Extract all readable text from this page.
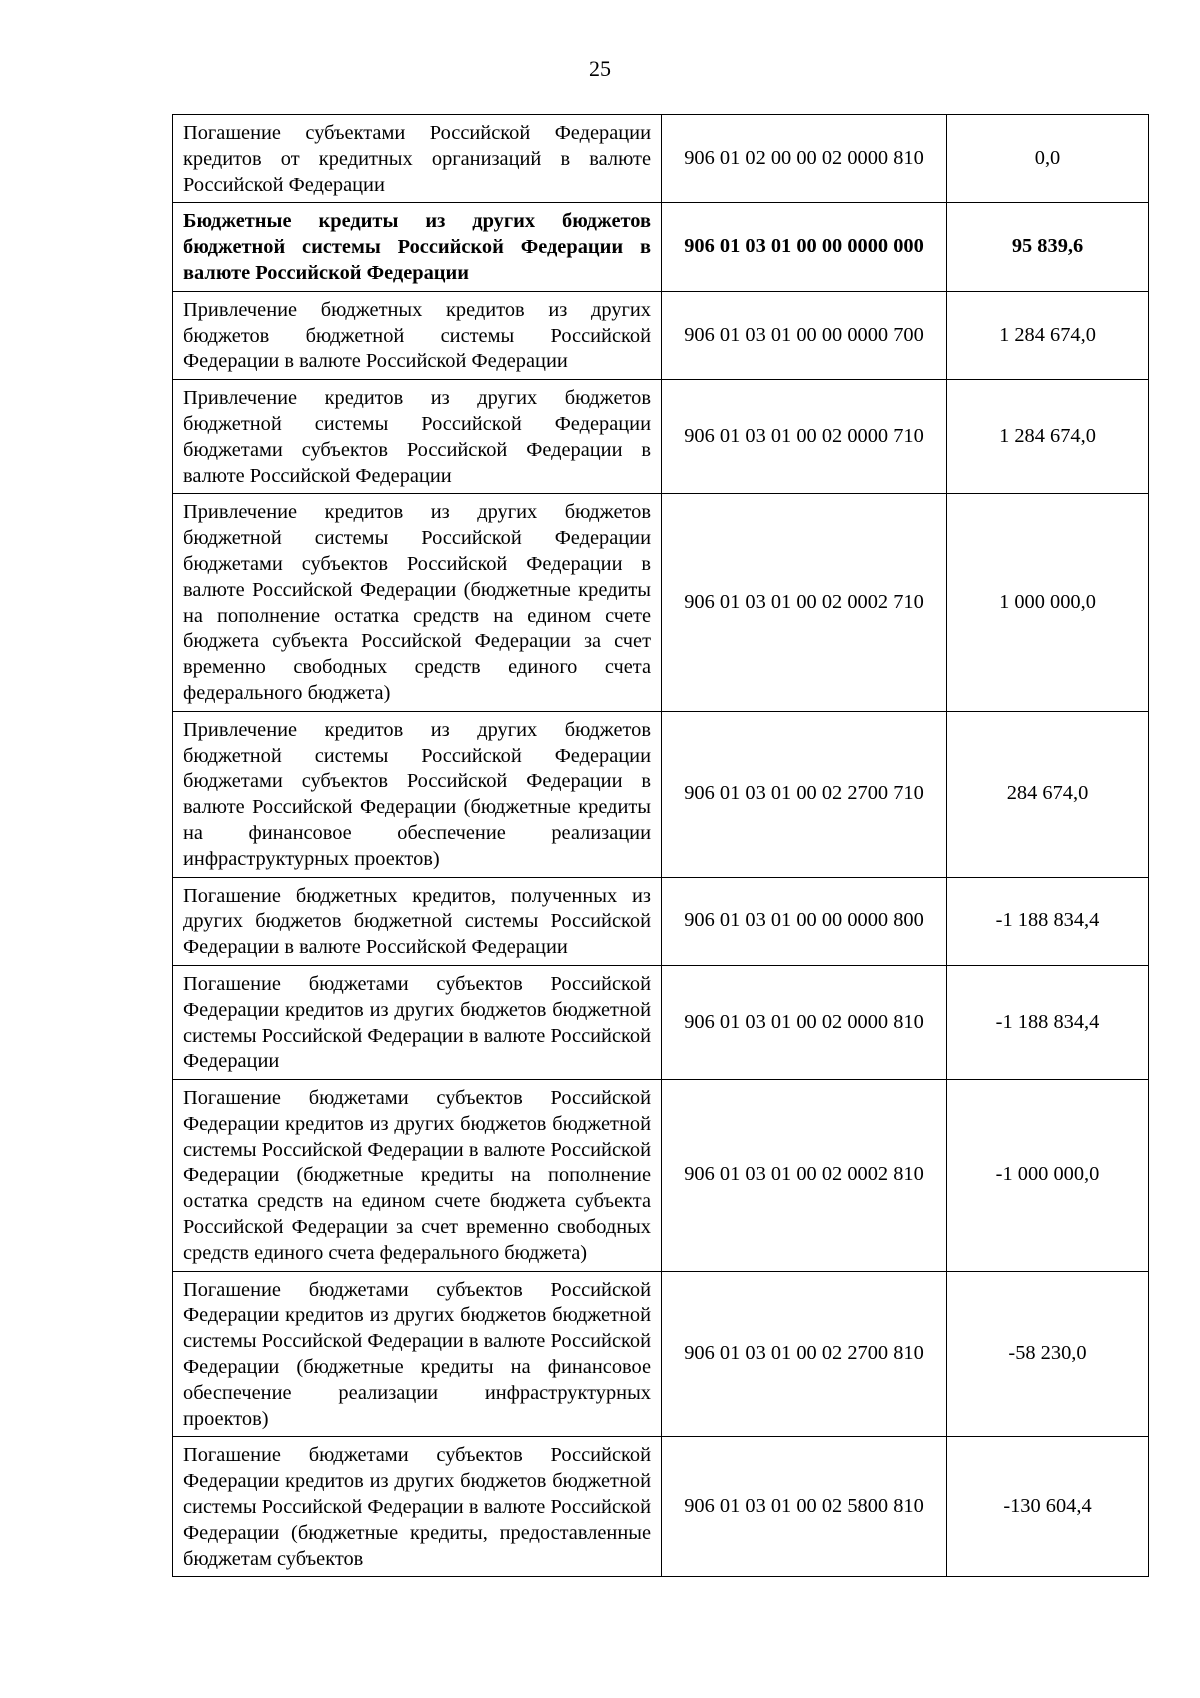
25
Погашение субъектами Российской Федерации кредитов от кредитных организаций в валюте Российской Федерации	906 01 02 00 00 02 0000 810	0,0
Бюджетные кредиты из других бюджетов бюджетной системы Российской Федерации в валюте Российской Федерации	906 01 03 01 00 00 0000 000	95 839,6
Привлечение бюджетных кредитов из других бюджетов бюджетной системы Российской Федерации в валюте Российской Федерации	906 01 03 01 00 00 0000 700	1 284 674,0
Привлечение кредитов из других бюджетов бюджетной системы Российской Федерации бюджетами субъектов Российской Федерации в валюте Российской Федерации	906 01 03 01 00 02 0000 710	1 284 674,0
Привлечение кредитов из других бюджетов бюджетной системы Российской Федерации бюджетами субъектов Российской Федерации в валюте Российской Федерации (бюджетные кредиты на пополнение остатка средств на едином счете бюджета субъекта Российской Федерации за счет временно свободных средств единого счета федерального бюджета)	906 01 03 01 00 02 0002 710	1 000 000,0
Привлечение кредитов из других бюджетов бюджетной системы Российской Федерации бюджетами субъектов Российской Федерации в валюте Российской Федерации (бюджетные кредиты на финансовое обеспечение реализации инфраструктурных проектов)	906 01 03 01 00 02 2700 710	284 674,0
Погашение бюджетных кредитов, полученных из других бюджетов бюджетной системы Российской Федерации в валюте Российской Федерации	906 01 03 01 00 00 0000 800	-1 188 834,4
Погашение бюджетами субъектов Российской Федерации кредитов из других бюджетов бюджетной системы Российской Федерации в валюте Российской Федерации	906 01 03 01 00 02 0000 810	-1 188 834,4
Погашение бюджетами субъектов Российской Федерации кредитов из других бюджетов бюджетной системы Российской Федерации в валюте Российской Федерации (бюджетные кредиты на пополнение остатка средств на едином счете бюджета субъекта Российской Федерации за счет временно свободных средств единого счета федерального бюджета)	906 01 03 01 00 02 0002 810	-1 000 000,0
Погашение бюджетами субъектов Российской Федерации кредитов из других бюджетов бюджетной системы Российской Федерации в валюте Российской Федерации (бюджетные кредиты на финансовое обеспечение реализации инфраструктурных проектов)	906 01 03 01 00 02 2700 810	-58 230,0
Погашение бюджетами субъектов Российской Федерации кредитов из других бюджетов бюджетной системы Российской Федерации в валюте Российской Федерации (бюджетные кредиты, предоставленные бюджетам субъектов	906 01 03 01 00 02 5800 810	-130 604,4
